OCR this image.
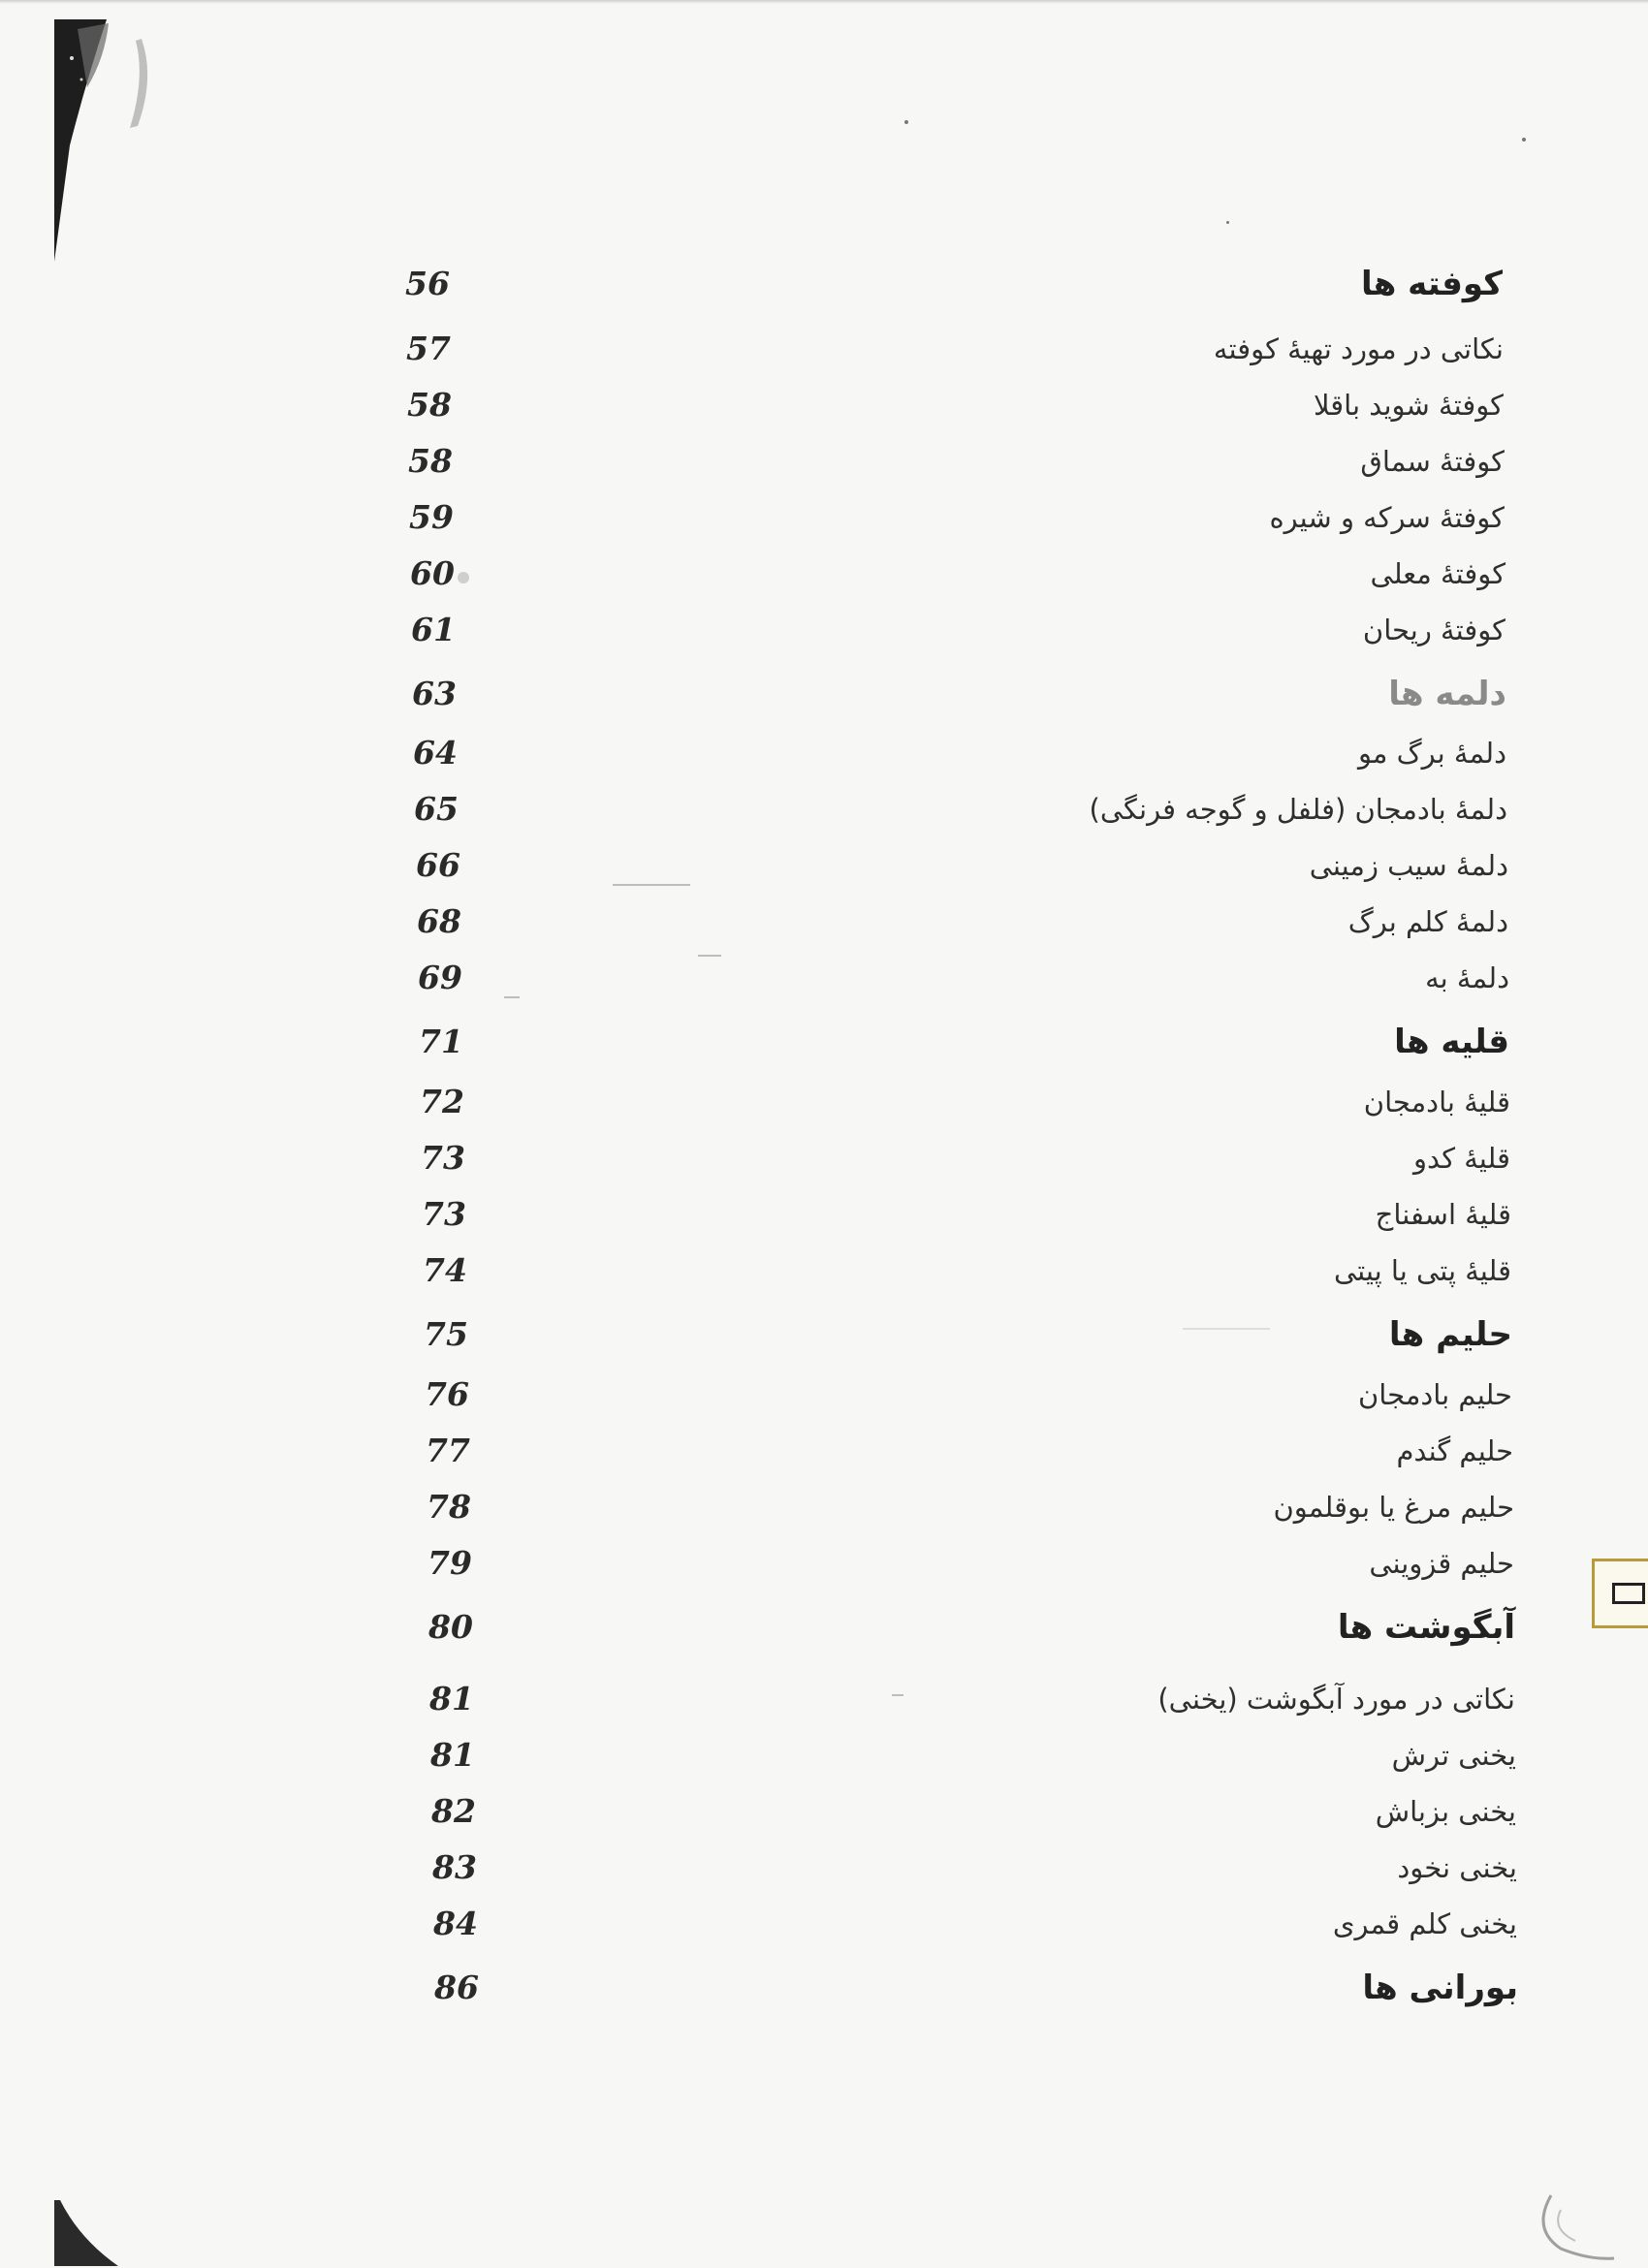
کوفته ها
56
نکاتی در مورد تهیهٔ کوفته
57
کوفتهٔ شوید باقلا
58
کوفتهٔ سماق
58
کوفتهٔ سرکه و شیره
59
کوفتهٔ معلی
60
کوفتهٔ ریحان
61
دلمه ها
63
دلمهٔ برگ مو
64
دلمهٔ بادمجان (فلفل و گوجه فرنگی)
65
دلمهٔ سیب زمینی
66
دلمهٔ کلم برگ
68
دلمهٔ به
69
قلیه ها
71
قلیهٔ بادمجان
72
قلیهٔ کدو
73
قلیهٔ اسفناج
73
قلیهٔ پتی یا پیتی
74
حلیم ها
75
حلیم بادمجان
76
حلیم گندم
77
حلیم مرغ یا بوقلمون
78
حلیم قزوینی
79
آبگوشت ها
80
نکاتی در مورد آبگوشت (یخنی)
81
یخنی ترش
81
یخنی بزباش
82
یخنی نخود
83
یخنی کلم قمری
84
بورانی ها
86
